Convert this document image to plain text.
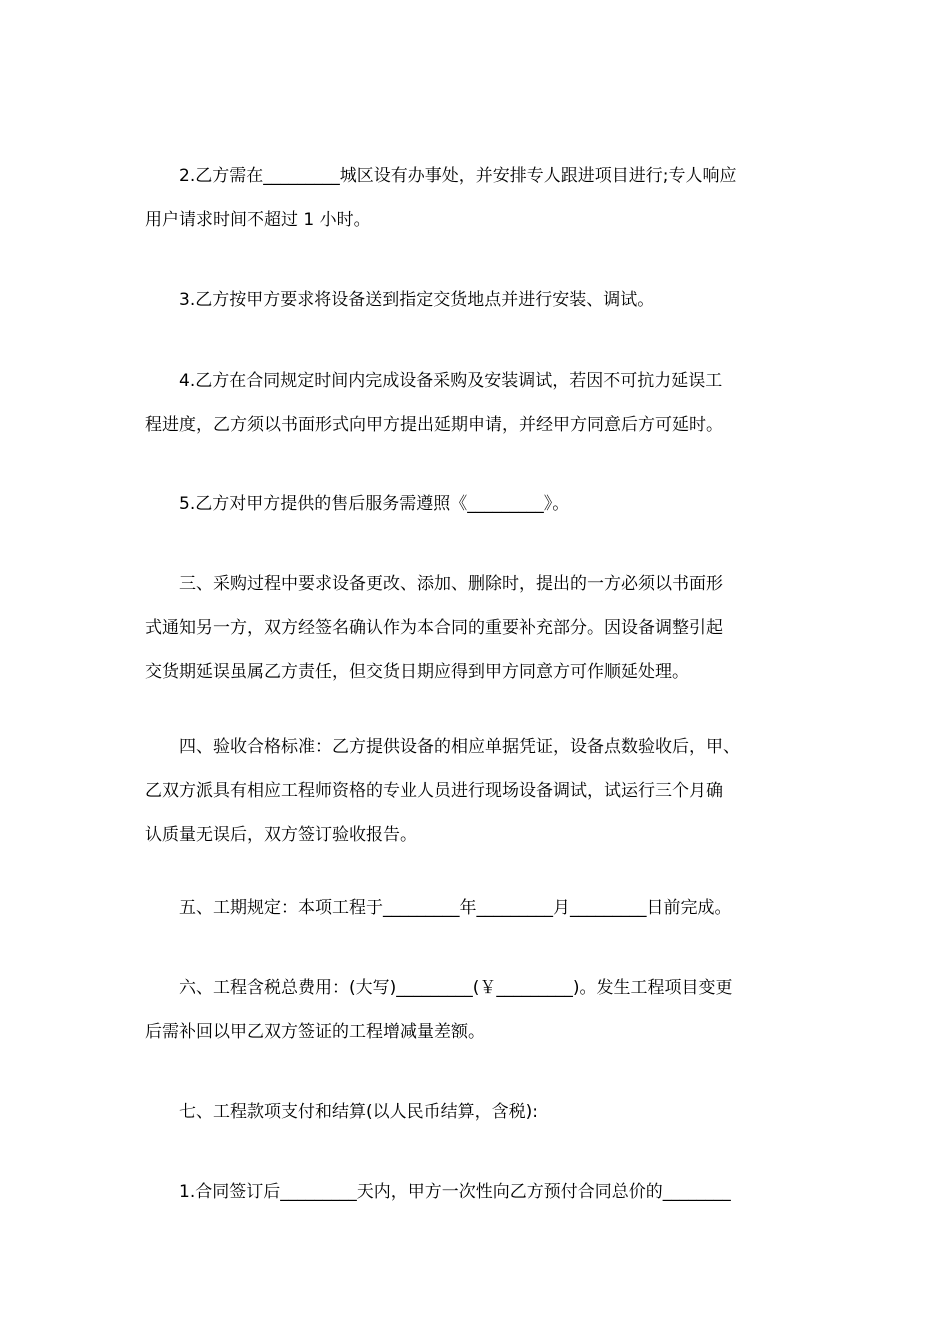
2.乙方需在_________城区设有办事处，并安排专人跟进项目进行;专人响应
用户请求时间不超过 1 小时。
3.乙方按甲方要求将设备送到指定交货地点并进行安装、调试。
4.乙方在合同规定时间内完成设备采购及安装调试，若因不可抗力延误工
程进度，乙方须以书面形式向甲方提出延期申请，并经甲方同意后方可延时。
5.乙方对甲方提供的售后服务需遵照《_________》。
三、采购过程中要求设备更改、添加、删除时，提出的一方必须以书面形
式通知另一方，双方经签名确认作为本合同的重要补充部分。因设备调整引起
交货期延误虽属乙方责任，但交货日期应得到甲方同意方可作顺延处理。
四、验收合格标准：乙方提供设备的相应单据凭证，设备点数验收后，甲、
乙双方派具有相应工程师资格的专业人员进行现场设备调试，试运行三个月确
认质量无误后，双方签订验收报告。
五、工期规定：本项工程于_________年_________月_________日前完成。
六、工程含税总费用：(大写)_________(￥_________)。发生工程项目变更
后需补回以甲乙双方签证的工程增减量差额。
七、工程款项支付和结算(以人民币结算，含税):
1.合同签订后_________天内，甲方一次性向乙方预付合同总价的________
